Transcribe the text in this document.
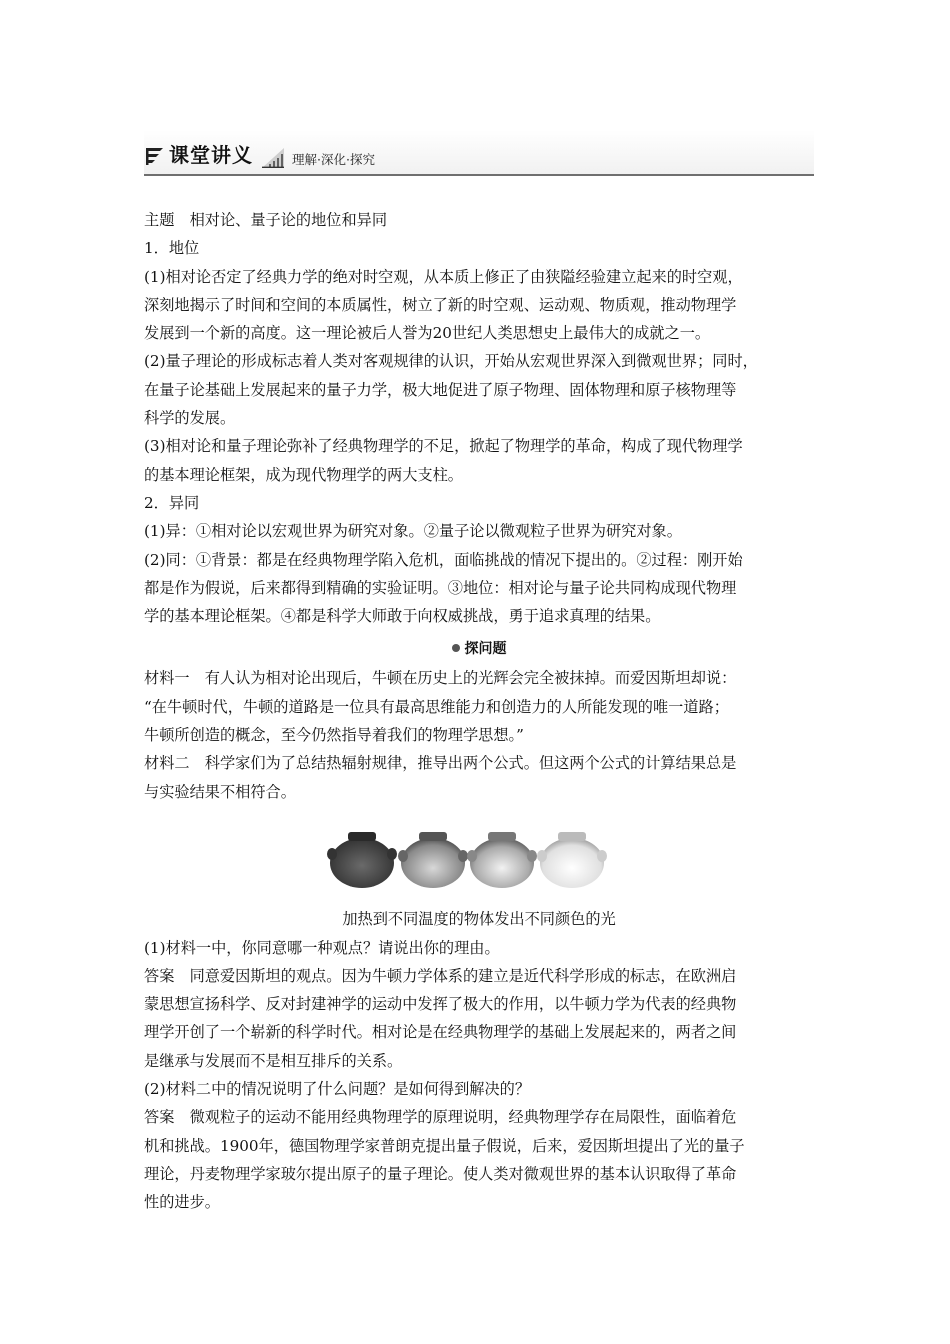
课堂讲义	理解·深化·探究

主题　相对论、量子论的地位和异同

1．地位

(1)相对论否定了经典力学的绝对时空观，从本质上修正了由狭隘经验建立起来的时空观，

深刻地揭示了时间和空间的本质属性，树立了新的时空观、运动观、物质观，推动物理学

发展到一个新的高度。这一理论被后人誉为20世纪人类思想史上最伟大的成就之一。

(2)量子理论的形成标志着人类对客观规律的认识，开始从宏观世界深入到微观世界；同时，

在量子论基础上发展起来的量子力学，极大地促进了原子物理、固体物理和原子核物理等

科学的发展。

(3)相对论和量子理论弥补了经典物理学的不足，掀起了物理学的革命，构成了现代物理学

的基本理论框架，成为现代物理学的两大支柱。

2．异同

(1)异：①相对论以宏观世界为研究对象。②量子论以微观粒子世界为研究对象。

(2)同：①背景：都是在经典物理学陷入危机，面临挑战的情况下提出的。②过程：刚开始

都是作为假说，后来都得到精确的实验证明。③地位：相对论与量子论共同构成现代物理

学的基本理论框架。④都是科学大师敢于向权威挑战，勇于追求真理的结果。

探问题

材料一　有人认为相对论出现后，牛顿在历史上的光辉会完全被抹掉。而爱因斯坦却说：

“在牛顿时代，牛顿的道路是一位具有最高思维能力和创造力的人所能发现的唯一道路；

牛顿所创造的概念，至今仍然指导着我们的物理学思想。”

材料二　科学家们为了总结热辐射规律，推导出两个公式。但这两个公式的计算结果总是

与实验结果不相符合。

加热到不同温度的物体发出不同颜色的光

(1)材料一中，你同意哪一种观点？请说出你的理由。

答案　同意爱因斯坦的观点。因为牛顿力学体系的建立是近代科学形成的标志，在欧洲启

蒙思想宣扬科学、反对封建神学的运动中发挥了极大的作用，以牛顿力学为代表的经典物

理学开创了一个崭新的科学时代。相对论是在经典物理学的基础上发展起来的，两者之间

是继承与发展而不是相互排斥的关系。

(2)材料二中的情况说明了什么问题？是如何得到解决的？

答案　微观粒子的运动不能用经典物理学的原理说明，经典物理学存在局限性，面临着危

机和挑战。1900年，德国物理学家普朗克提出量子假说，后来，爱因斯坦提出了光的量子

理论，丹麦物理学家玻尔提出原子的量子理论。使人类对微观世界的基本认识取得了革命

性的进步。
